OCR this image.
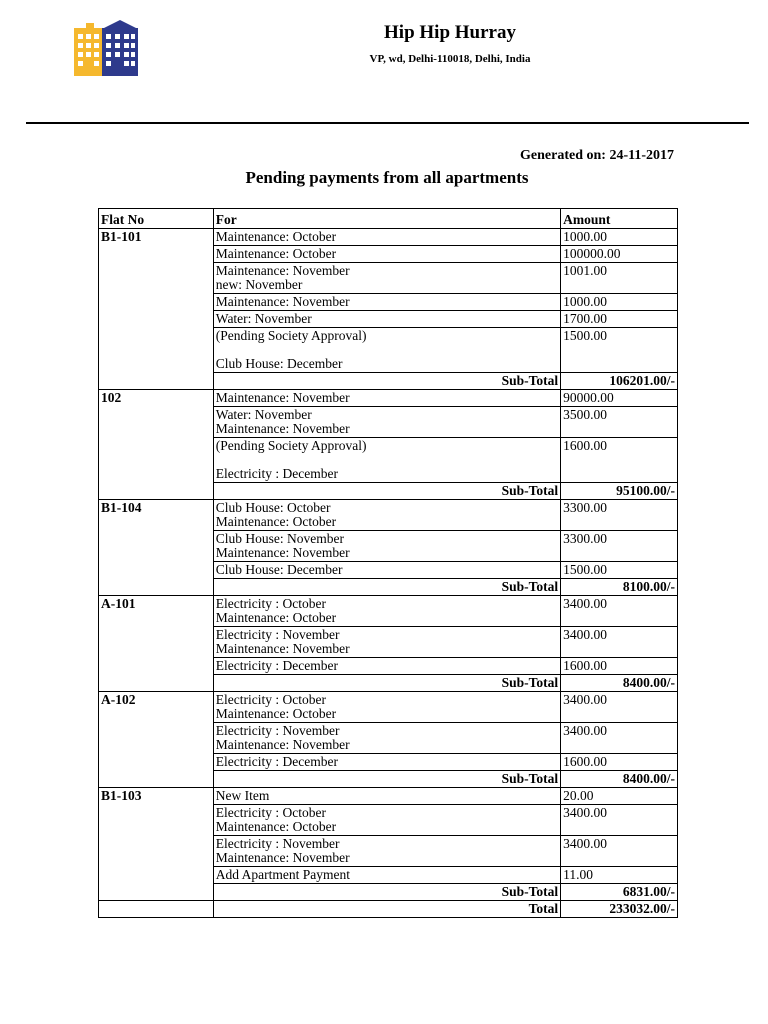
Hip Hip Hurray
VP, wd, Delhi-110018, Delhi, India
Generated on: 24-11-2017
Pending payments from all apartments
Flat No	For	Amount
B1-101	Maintenance: October	1000.00

	Maintenance: October	100000.00

	Maintenance: November
new: November	1001.00

	Maintenance: November	1000.00

	Water: November	1700.00

	(Pending Society Approval)

Club House: December	1500.00
	Sub-Total	106201.00/-
102	Maintenance: November	90000.00

	Water: November
Maintenance: November	3500.00

	(Pending Society Approval)

Electricity : December	1600.00
	Sub-Total	95100.00/-
B1-104	Club House: October
Maintenance: October	3300.00

	Club House: November
Maintenance: November	3300.00

	Club House: December	1500.00
	Sub-Total	8100.00/-
A-101	Electricity : October
Maintenance: October	3400.00

	Electricity : November
Maintenance: November	3400.00

	Electricity : December	1600.00
	Sub-Total	8400.00/-
A-102	Electricity : October
Maintenance: October	3400.00

	Electricity : November
Maintenance: November	3400.00

	Electricity : December	1600.00
	Sub-Total	8400.00/-
B1-103	New Item	20.00

	Electricity : October
Maintenance: October	3400.00

	Electricity : November
Maintenance: November	3400.00

	Add Apartment Payment	11.00
	Sub-Total	6831.00/-
	Total	233032.00/-
